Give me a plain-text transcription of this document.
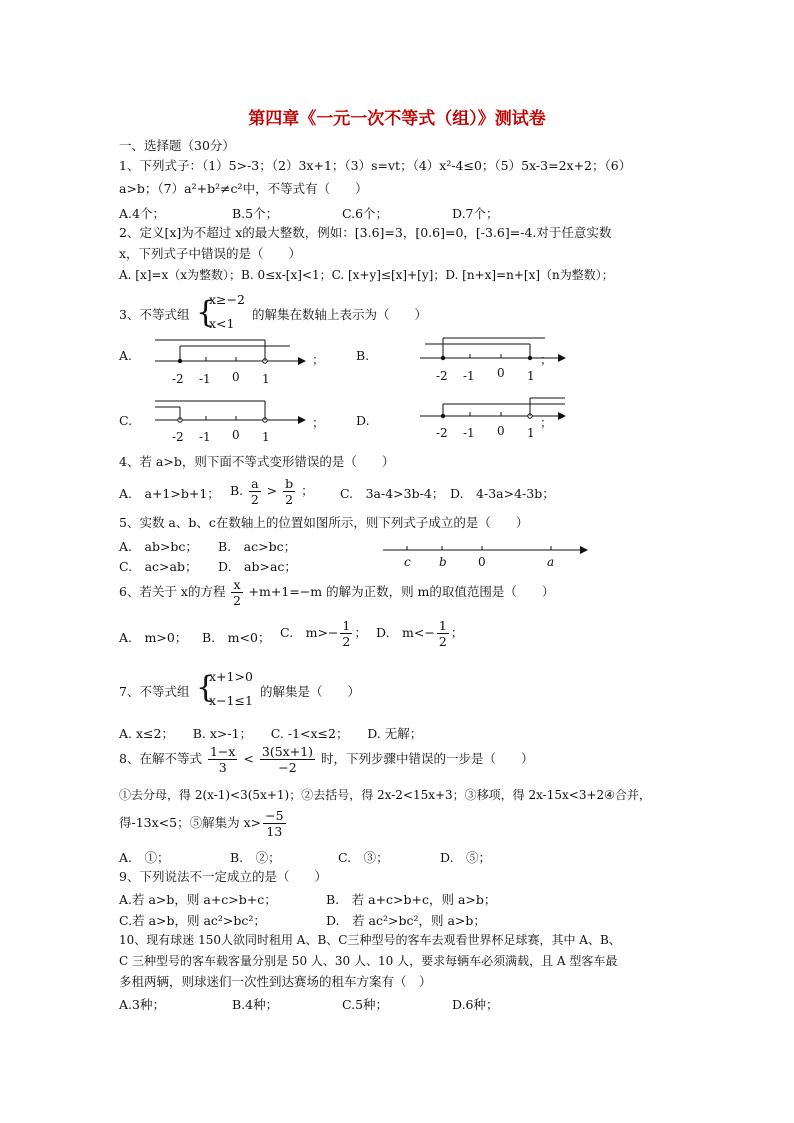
第四章《一元一次不等式（组）》测试卷
一、选择题（30分）
1、下列式子：（1）5>-3；（2）3x+1；（3）s=vt；（4）x²-4≤0；（5）5x-3=2x+2；（6）
a>b；（7）a²+b²≠c²中，不等式有（　　）
A.4个；	B.5个；	C.6个；	D.7个；
2、定义[x]为不超过 x的最大整数，例如：[3.6]=3，[0.6]=0，[-3.6]=-4.对于任意实数
x，下列式子中错误的是（　　）
A. [x]=x（x为整数）；B. 0≤x-[x]<1；C. [x+y]≤[x]+[y]；D. [n+x]=n+[x]（n为整数）；
3、不等式组 {
x≥−2
x<1
的解集在数轴上表示为（　　）
A.	；	B.	；
C.	；	D.	；
-2 -1 0 1	-2 -1 0 1
-2 -1 0 1	-2 -1 0 1
c b	0	a
4、若 a>b，则下面不等式变形错误的是（　　）
A.　a+1>b+1； B. $\frac{a}{2} > \frac{b}{2}$ ； C.　3a-4>3b-4； D.　4-3a>4-3b；
5、实数 a、b、c在数轴上的位置如图所示，则下列式子成立的是（　　）
A.　ab>bc； B.　ac>bc；
C.　ac>ab； D.　ab>ac；
6、若关于 x的方程 $\frac{x}{2} +m+1=-m$ 的解为正数，则 m的取值范围是（　　）
A.　m>0； B.　m<0； C.　$m>- \frac{1}{2}$ ； D.　$m<- \frac{1}{2}$ ；
7、不等式组 {
x+1>0
x−1≤1
的解集是（　　）
A. x≤2；　　B. x>-1；　　C. -1<x≤2；　　D. 无解；
8、在解不等式 $\frac{1-x}{3} < \frac{3(5x+1)}{-2}$ 时，下列步骤中错误的一步是（　　）
①去分母，得 2(x-1)<3(5x+1)；②去括号，得 2x-2<15x+3；③移项，得 2x-15x<3+2④合并，
得-13x<5；⑤解集为 $x> \frac{-5}{13}$
A.　①；	B.　②；	C.　③；	D.　⑤；
9、下列说法不一定成立的是（　　）
A.若 a>b，则 a+c>b+c；	B.　若 a+c>b+c，则 a>b；
C.若 a>b，则 ac²>bc²；	D.　若 ac²>bc²，则 a>b；
10、现有球迷 150人欲同时租用 A、B、C三种型号的客车去观看世界杯足球赛，其中 A、B、
C 三种型号的客车载客量分别是 50 人、30 人、10 人，要求每辆车必须满载，且 A 型客车最
多租两辆，则球迷们一次性到达赛场的租车方案有（　）
A.3种；	B.4种；	C.5种；	D.6种；
